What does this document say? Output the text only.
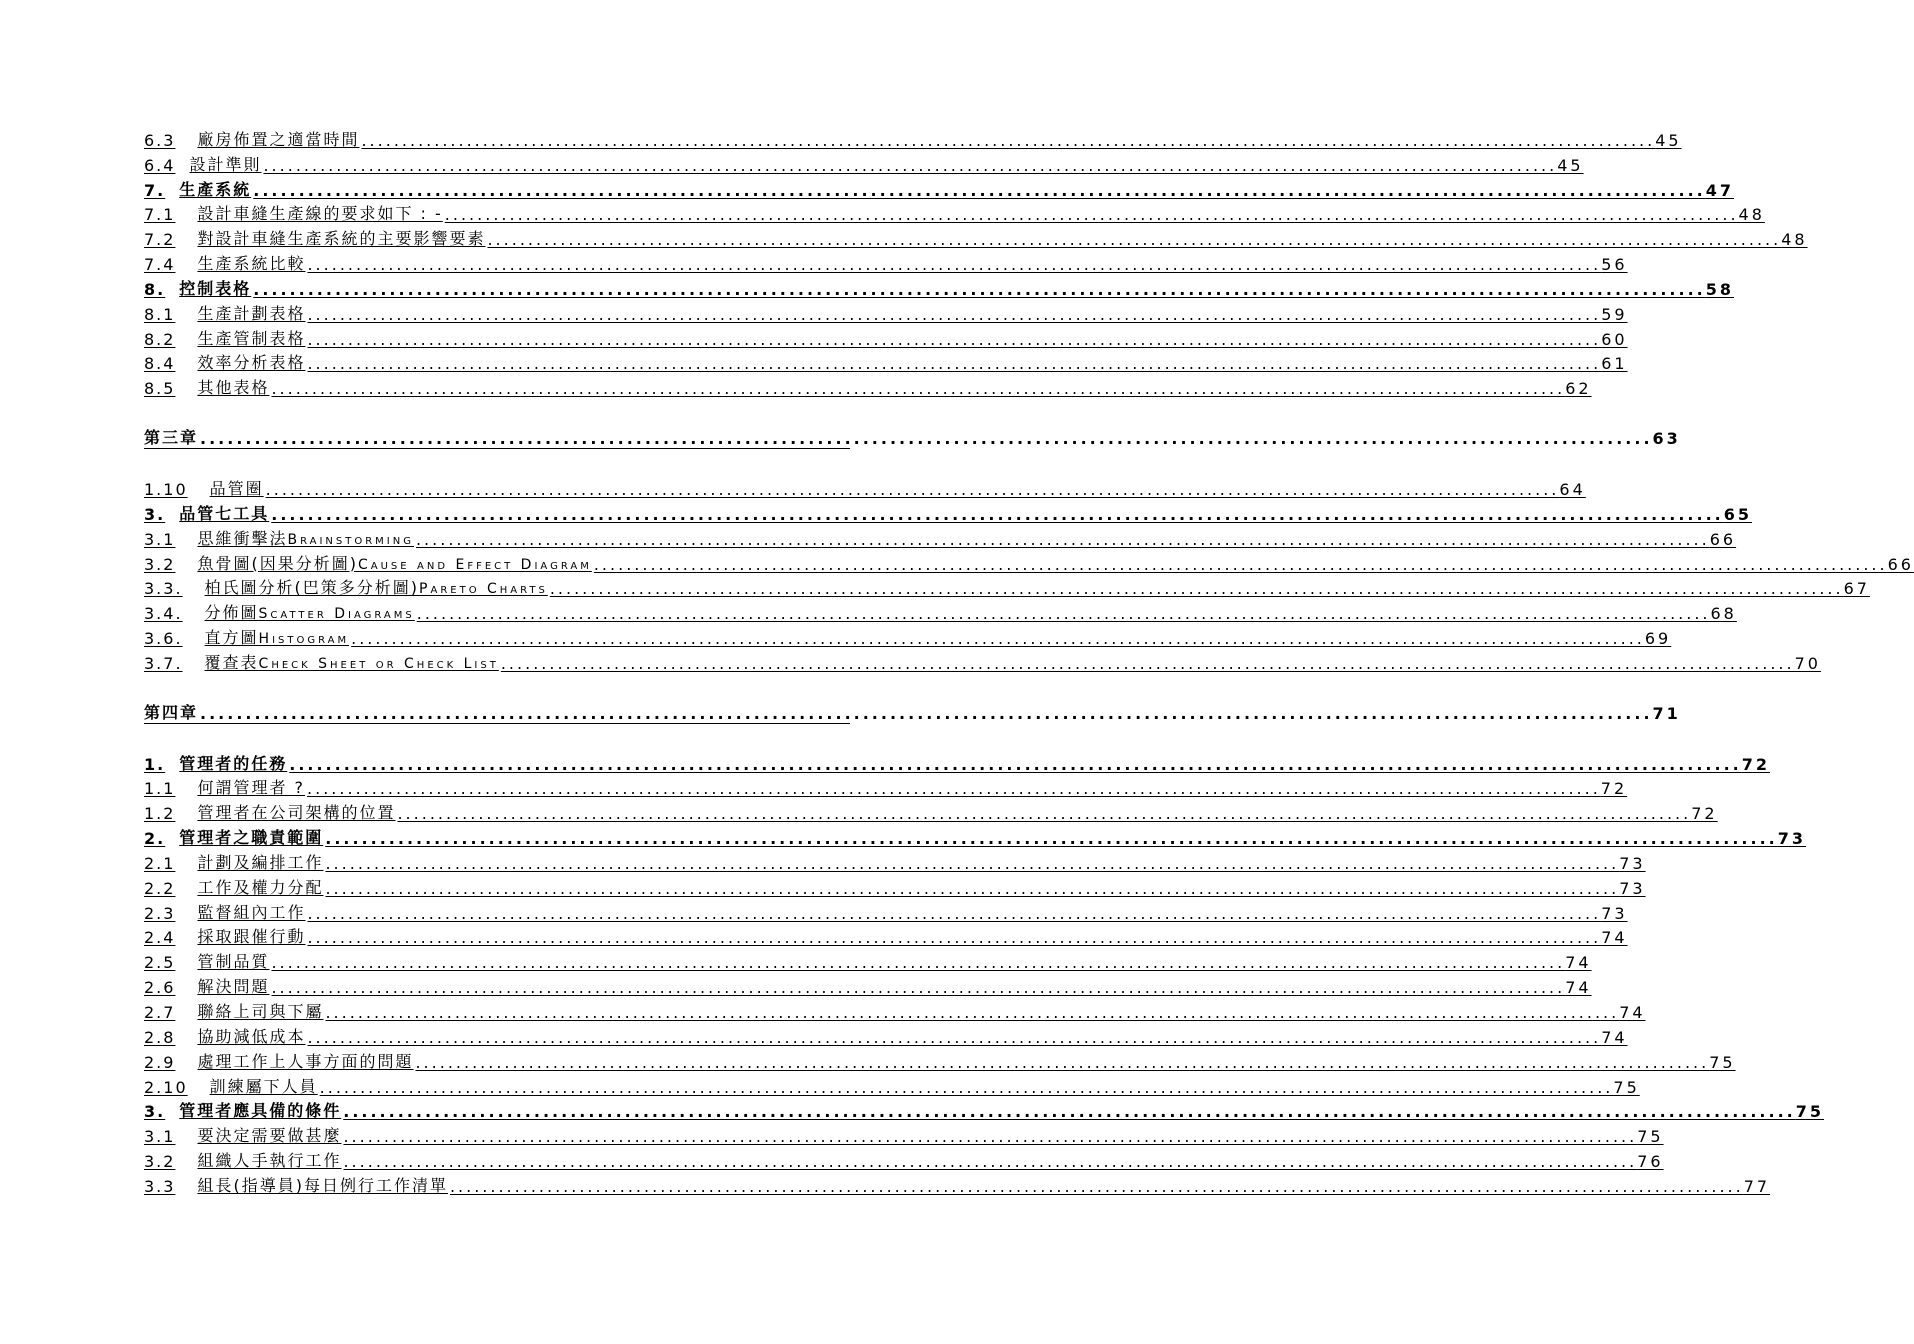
6.3 廠房佈置之適當時間 ................................................................................................................................................................ 45
6.4 設計準則 ................................................................................................................................................................ 45
7. 生產系統 ................................................................................................................................................................ 47
7.1 設計車縫生產線的要求如下 : - ................................................................................................................................................................ 48
7.2 對設計車縫生產系統的主要影響要素 ................................................................................................................................................................ 48
7.4 生產系統比較 ................................................................................................................................................................ 56
8. 控制表格 ................................................................................................................................................................ 58
8.1 生產計劃表格 ................................................................................................................................................................ 59
8.2 生產管制表格 ................................................................................................................................................................ 60
8.4 效率分析表格 ................................................................................................................................................................ 61
8.5 其他表格 ................................................................................................................................................................ 62
第三章 ................................................................................................................................................................ 63
1.10 品管圈 ................................................................................................................................................................ 64
3. 品管七工具 ................................................................................................................................................................ 65
3.1 思維衝擊法Brainstorming ................................................................................................................................................................ 66
3.2 魚骨圖(因果分析圖)Cause and Effect Diagram ................................................................................................................................................................ 66
3.3. 柏氏圖分析(巴策多分析圖)Pareto Charts ................................................................................................................................................................ 67
3.4. 分佈圖Scatter Diagrams ................................................................................................................................................................ 68
3.6. 直方圖Histogram ................................................................................................................................................................ 69
3.7. 覆查表Check Sheet or Check List ................................................................................................................................................................ 70
第四章 ................................................................................................................................................................ 71
1. 管理者的任務 ................................................................................................................................................................ 72
1.1 何謂管理者 ? ................................................................................................................................................................ 72
1.2 管理者在公司架構的位置 ................................................................................................................................................................ 72
2. 管理者之職責範圍 ................................................................................................................................................................ 73
2.1 計劃及編排工作 ................................................................................................................................................................ 73
2.2 工作及權力分配 ................................................................................................................................................................ 73
2.3 監督組內工作 ................................................................................................................................................................ 73
2.4 採取跟催行動 ................................................................................................................................................................ 74
2.5 管制品質 ................................................................................................................................................................ 74
2.6 解決問題 ................................................................................................................................................................ 74
2.7 聯絡上司與下屬 ................................................................................................................................................................ 74
2.8 協助減低成本 ................................................................................................................................................................ 74
2.9 處理工作上人事方面的問題 ................................................................................................................................................................ 75
2.10 訓練屬下人員 ................................................................................................................................................................ 75
3. 管理者應具備的條件 ................................................................................................................................................................ 75
3.1 要決定需要做甚麼 ................................................................................................................................................................ 75
3.2 組織人手執行工作 ................................................................................................................................................................ 76
3.3 組長(指導員)每日例行工作清單 ................................................................................................................................................................ 77
